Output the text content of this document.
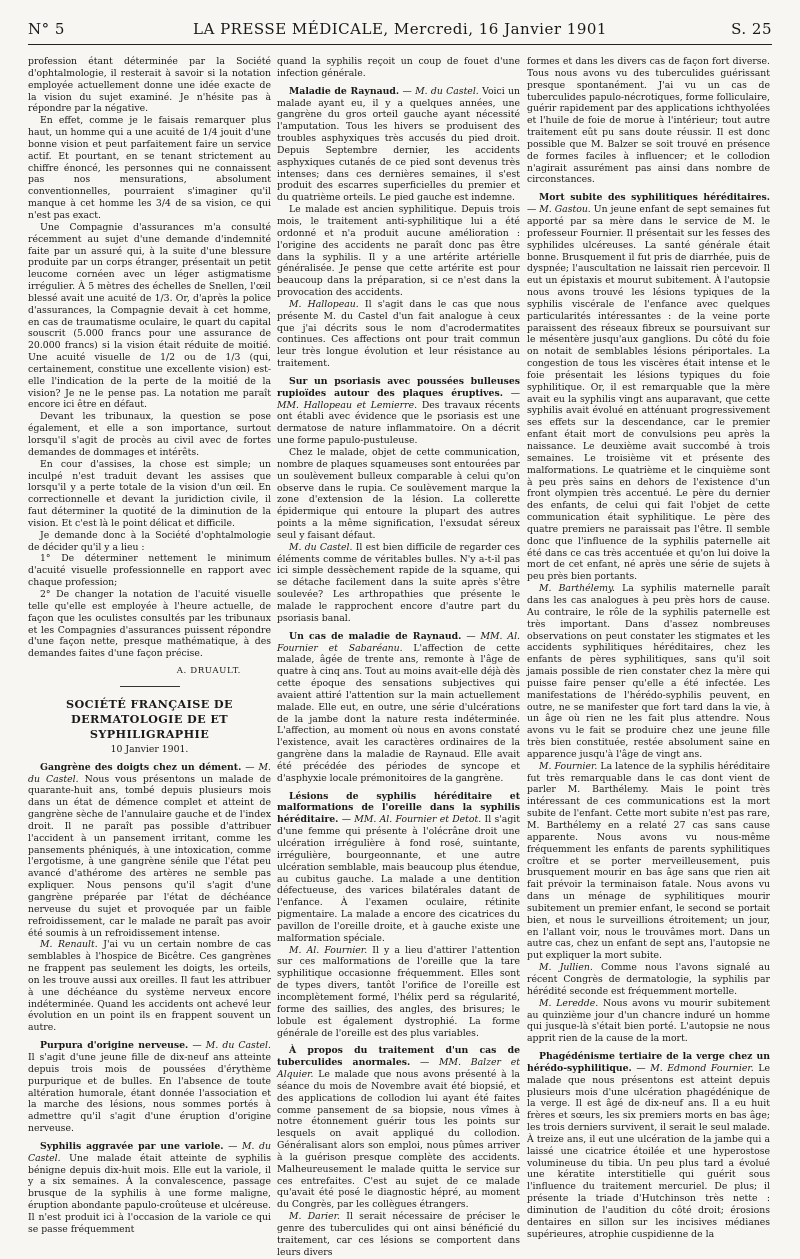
N° 5	LA PRESSE MÉDICALE, Mercredi, 16 Janvier 1901	S. 25

profession étant déterminée par la Société d'ophtalmologie, il resterait à savoir si la notation employée actuellement donne une idée exacte de la vision du sujet examiné. Je n'hésite pas à répondre par la négative.

En effet, comme je le faisais remarquer plus haut, un homme qui a une acuité de 1/4 jouit d'une bonne vision et peut parfaitement faire un service actif. Et pourtant, en se tenant strictement au chiffre énoncé, les personnes qui ne connaissent pas nos mensurations, absolument conventionnelles, pourraient s'imaginer qu'il manque à cet homme les 3/4 de sa vision, ce qui n'est pas exact.

Une Compagnie d'assurances m'a consulté récemment au sujet d'une demande d'indemnité faite par un assuré qui, à la suite d'une blessure produite par un corps étranger, présentait un petit leucome cornéen avec un léger astigmatisme irrégulier. À 5 mètres des échelles de Snellen, l'œil blessé avait une acuité de 1/3. Or, d'après la police d'assurances, la Compagnie devait à cet homme, en cas de traumatisme oculaire, le quart du capital souscrit (5.000 francs pour une assurance de 20.000 francs) si la vision était réduite de moitié. Une acuité visuelle de 1/2 ou de 1/3 (qui, certainement, constitue une excellente vision) est-elle l'indication de la perte de la moitié de la vision? Je ne le pense pas. La notation me paraît encore ici être en défaut.

Devant les tribunaux, la question se pose également, et elle a son importance, surtout lorsqu'il s'agit de procès au civil avec de fortes demandes de dommages et intérêts.

En cour d'assises, la chose est simple; un inculpé n'est traduit devant les assises que lorsqu'il y a perte totale de la vision d'un œil. En correctionnelle et devant la juridiction civile, il faut déterminer la quotité de la diminution de la vision. Et c'est là le point délicat et difficile.

Je demande donc à la Société d'ophtalmologie de décider qu'il y a lieu :

1° De déterminer nettement le minimum d'acuité visuelle professionnelle en rapport avec chaque profession;

2° De changer la notation de l'acuité visuelle telle qu'elle est employée à l'heure actuelle, de façon que les oculistes consultés par les tribunaux et les Compagnies d'assurances puissent répondre d'une façon nette, presque mathématique, à des demandes faites d'une façon précise.

A. DRUAULT.

SOCIÉTÉ FRANÇAISE DE DERMATOLOGIE DE ET SYPHILIGRAPHIE

10 Janvier 1901.

Gangrène des doigts chez un dément. — M. du Castel. Nous vous présentons un malade de quarante-huit ans, tombé depuis plusieurs mois dans un état de démence complet et atteint de gangrène sèche de l'annulaire gauche et de l'index droit. Il ne paraît pas possible d'attribuer l'accident à un pansement irritant, comme les pansements phéniqués, à une intoxication, comme l'ergotisme, à une gangrène sénile que l'état peu avancé d'athérome des artères ne semble pas expliquer. Nous pensons qu'il s'agit d'une gangrène préparée par l'état de déchéance nerveuse du sujet et provoquée par un faible refroidissement, car le malade ne paraît pas avoir été soumis à un refroidissement intense.

M. Renault. J'ai vu un certain nombre de cas semblables à l'hospice de Bicêtre. Ces gangrènes ne frappent pas seulement les doigts, les orteils, on les trouve aussi aux oreilles. Il faut les attribuer à une déchéance du système nerveux encore indéterminée. Quand les accidents ont achevé leur évolution en un point ils en frappent souvent un autre.

Purpura d'origine nerveuse. — M. du Castel. Il s'agit d'une jeune fille de dix-neuf ans atteinte depuis trois mois de poussées d'érythème purpurique et de bulles. En l'absence de toute altération humorale, étant donnée l'association et la marche des lésions, nous sommes portés à admettre qu'il s'agit d'une éruption d'origine nerveuse.

Syphilis aggravée par une variole. — M. du Castel. Une malade était atteinte de syphilis bénigne depuis dix-huit mois. Elle eut la variole, il y a six semaines. À la convalescence, passage brusque de la syphilis à une forme maligne, éruption abondante papulo-croûteuse et ulcéreuse. Il n'est produit ici à l'occasion de la variole ce qui se passe fréquemment

quand la syphilis reçoit un coup de fouet d'une infection générale.

Maladie de Raynaud. — M. du Castel. Voici un malade ayant eu, il y a quelques années, une gangrène du gros orteil gauche ayant nécessité l'amputation. Tous les hivers se produisent des troubles asphyxiques très accusés du pied droit. Depuis Septembre dernier, les accidents asphyxiques cutanés de ce pied sont devenus très intenses; dans ces dernières semaines, il s'est produit des escarres superficielles du premier et du quatrième orteils. Le pied gauche est indemne.

Le malade est ancien syphilitique. Depuis trois mois, le traitement anti-syphilitique lui a été ordonné et n'a produit aucune amélioration : l'origine des accidents ne paraît donc pas être dans la syphilis. Il y a une artérite artérielle généralisée. Je pense que cette artérite est pour beaucoup dans la préparation, si ce n'est dans la provocation des accidents.

M. Hallopeau. Il s'agit dans le cas que nous présente M. du Castel d'un fait analogue à ceux que j'ai décrits sous le nom d'acrodermatites continues. Ces affections ont pour trait commun leur très longue évolution et leur résistance au traitement.

Sur un psoriasis avec poussées bulleuses rupioïdes autour des plaques éruptives. — MM. Hallopeau et Lemierre. Des travaux récents ont établi avec évidence que le psoriasis est une dermatose de nature inflammatoire. On a décrit une forme papulo-pustuleuse.

Chez le malade, objet de cette communication, nombre de plaques squameuses sont entourées par un soulèvement bulleux comparable à celui qu'on observe dans le rupia. Ce soulèvement marque la zone d'extension de la lésion. La collerette épidermique qui entoure la plupart des autres points a la même signification, l'exsudat séreux seul y faisant défaut.

M. du Castel. Il est bien difficile de regarder ces éléments comme de véritables bulles. N'y a-t-il pas ici simple dessèchement rapide de la squame, qui se détache facilement dans la suite après s'être soulevée? Les arthropathies que présente le malade le rapprochent encore d'autre part du psoriasis banal.

Un cas de maladie de Raynaud. — MM. Al. Fournier et Sabaréanu. L'affection de cette malade, âgée de trente ans, remonte à l'âge de quatre à cinq ans. Tout au moins avait-elle déjà dès cette époque des sensations subjectives qui avaient attiré l'attention sur la main actuellement malade. Elle eut, en outre, une série d'ulcérations de la jambe dont la nature resta indéterminée. L'affection, au moment où nous en avons constaté l'existence, avait les caractères ordinaires de la gangrène dans la maladie de Raynaud. Elle avait été précédée des périodes de syncope et d'asphyxie locale prémonitoires de la gangrène.

Lésions de syphilis héréditaire et malformations de l'oreille dans la syphilis héréditaire. — MM. Al. Fournier et Detot. Il s'agit d'une femme qui présente à l'olécrâne droit une ulcération irrégulière à fond rosé, suintante, irrégulière, bourgeonnante, et une autre ulcération semblable, mais beaucoup plus étendue, au cubitus gauche. La malade a une dentition défectueuse, des varices bilatérales datant de l'enfance. À l'examen oculaire, rétinite pigmentaire. La malade a encore des cicatrices du pavillon de l'oreille droite, et à gauche existe une malformation spéciale.

M. Al. Fournier. Il y a lieu d'attirer l'attention sur ces malformations de l'oreille que la tare syphilitique occasionne fréquemment. Elles sont de types divers, tantôt l'orifice de l'oreille est incomplètement formé, l'hélix perd sa régularité, forme des saillies, des angles, des brisures; le lobule est également dystrophié. La forme générale de l'oreille est des plus variables.

À propos du traitement d'un cas de tuberculides anormales. — MM. Balzer et Alquier. Le malade que nous avons présenté à la séance du mois de Novembre avait été biopsié, et des applications de collodion lui ayant été faites comme pansement de sa biopsie, nous vîmes à notre étonnement guérir tous les points sur lesquels on avait appliqué du collodion. Généralisant alors son emploi, nous pûmes arriver à la guérison presque complète des accidents. Malheureusement le malade quitta le service sur ces entrefaites. C'est au sujet de ce malade qu'avait été posé le diagnostic hépré, au moment du Congrès, par les collègues étrangers.

M. Darier. Il serait nécessaire de préciser le genre des tuberculides qui ont ainsi bénéficié du traitement, car ces lésions se comportent dans leurs divers

formes et dans les divers cas de façon fort diverse. Tous nous avons vu des tuberculides guérissant presque spontanément. J'ai vu un cas de tuberculides papulo-nécrotiques, forme folliculaire, guérir rapidement par des applications ichthyolées et l'huile de foie de morue à l'intérieur; tout autre traitement eût pu sans doute réussir. Il est donc possible que M. Balzer se soit trouvé en présence de formes faciles à influencer; et le collodion n'agirait assurément pas ainsi dans nombre de circonstances.

Mort subite des syphilitiques héréditaires. — M. Gastou. Un jeune enfant de sept semaines fut apporté par sa mère dans le service de M. le professeur Fournier. Il présentait sur les fesses des syphilides ulcéreuses. La santé générale était bonne. Brusquement il fut pris de diarrhée, puis de dyspnée; l'auscultation ne laissait rien percevoir. Il eut un épistaxis et mourut subitement. À l'autopsie nous avons trouvé les lésions typiques de la syphilis viscérale de l'enfance avec quelques particularités intéressantes : de la veine porte paraissent des réseaux fibreux se poursuivant sur le mésentère jusqu'aux ganglions. Du côté du foie on notait de semblables lésions périportales. La congestion de tous les viscères était intense et le foie présentait les lésions typiques du foie syphilitique. Or, il est remarquable que la mère avait eu la syphilis vingt ans auparavant, que cette syphilis avait évolué en atténuant progressivement ses effets sur la descendance, car le premier enfant était mort de convulsions peu après la naissance. Le deuxième avait succombé à trois semaines. Le troisième vit et présente des malformations. Le quatrième et le cinquième sont à peu près sains en dehors de l'existence d'un front olympien très accentué. Le père du dernier des enfants, de celui qui fait l'objet de cette communication était syphilitique. Le père des quatre premiers ne paraissait pas l'être. Il semble donc que l'influence de la syphilis paternelle ait été dans ce cas très accentuée et qu'on lui doive la mort de cet enfant, né après une série de sujets à peu près bien portants.

M. Barthélemy. La syphilis maternelle paraît dans les cas analogues à peu près hors de cause. Au contraire, le rôle de la syphilis paternelle est très important. Dans d'assez nombreuses observations on peut constater les stigmates et les accidents syphilitiques héréditaires, chez les enfants de pères syphilitiques, sans qu'il soit jamais possible de rien constater chez la mère qui puisse faire penser qu'elle a été infectée. Les manifestations de l'hérédo-syphilis peuvent, en outre, ne se manifester que fort tard dans la vie, à un âge où rien ne les fait plus attendre. Nous avons vu le fait se produire chez une jeune fille très bien constituée, restée absolument saine en apparence jusqu'à l'âge de vingt ans.

M. Fournier. La latence de la syphilis héréditaire fut très remarquable dans le cas dont vient de parler M. Barthélemy. Mais le point très intéressant de ces communications est la mort subite de l'enfant. Cette mort subite n'est pas rare, M. Barthélemy en a relaté 27 cas sans cause apparente. Nous avons vu nous-même fréquemment les enfants de parents syphilitiques croître et se porter merveilleusement, puis brusquement mourir en bas âge sans que rien ait fait prévoir la terminaison fatale. Nous avons vu dans un ménage de syphilitiques mourir subitement un premier enfant, le second se portait bien, et nous le surveillions étroitement; un jour, en l'allant voir, nous le trouvâmes mort. Dans un autre cas, chez un enfant de sept ans, l'autopsie ne put expliquer la mort subite.

M. Jullien. Comme nous l'avons signalé au récent Congrès de dermatologie, la syphilis par hérédité seconde est fréquemment mortelle.

M. Leredde. Nous avons vu mourir subitement au quinzième jour d'un chancre induré un homme qui jusque-là s'était bien porté. L'autopsie ne nous apprit rien de la cause de la mort.

Phagédénisme tertiaire de la verge chez un hérédo-syphilitique. — M. Edmond Fournier. Le malade que nous présentons est atteint depuis plusieurs mois d'une ulcération phagédénique de la verge. Il est âgé de dix-neuf ans. Il a eu huit frères et sœurs, les six premiers morts en bas âge; les trois derniers survivent, il serait le seul malade. À treize ans, il eut une ulcération de la jambe qui a laissé une cicatrice étoilée et une hyperostose volumineuse du tibia. Un peu plus tard a évolué une kératite interstitielle qui guérit sous l'influence du traitement mercuriel. De plus; il présente la triade d'Hutchinson très nette : diminution de l'audition du côté droit; érosions dentaires en sillon sur les incisives médianes supérieures, atrophie cuspidienne de la
